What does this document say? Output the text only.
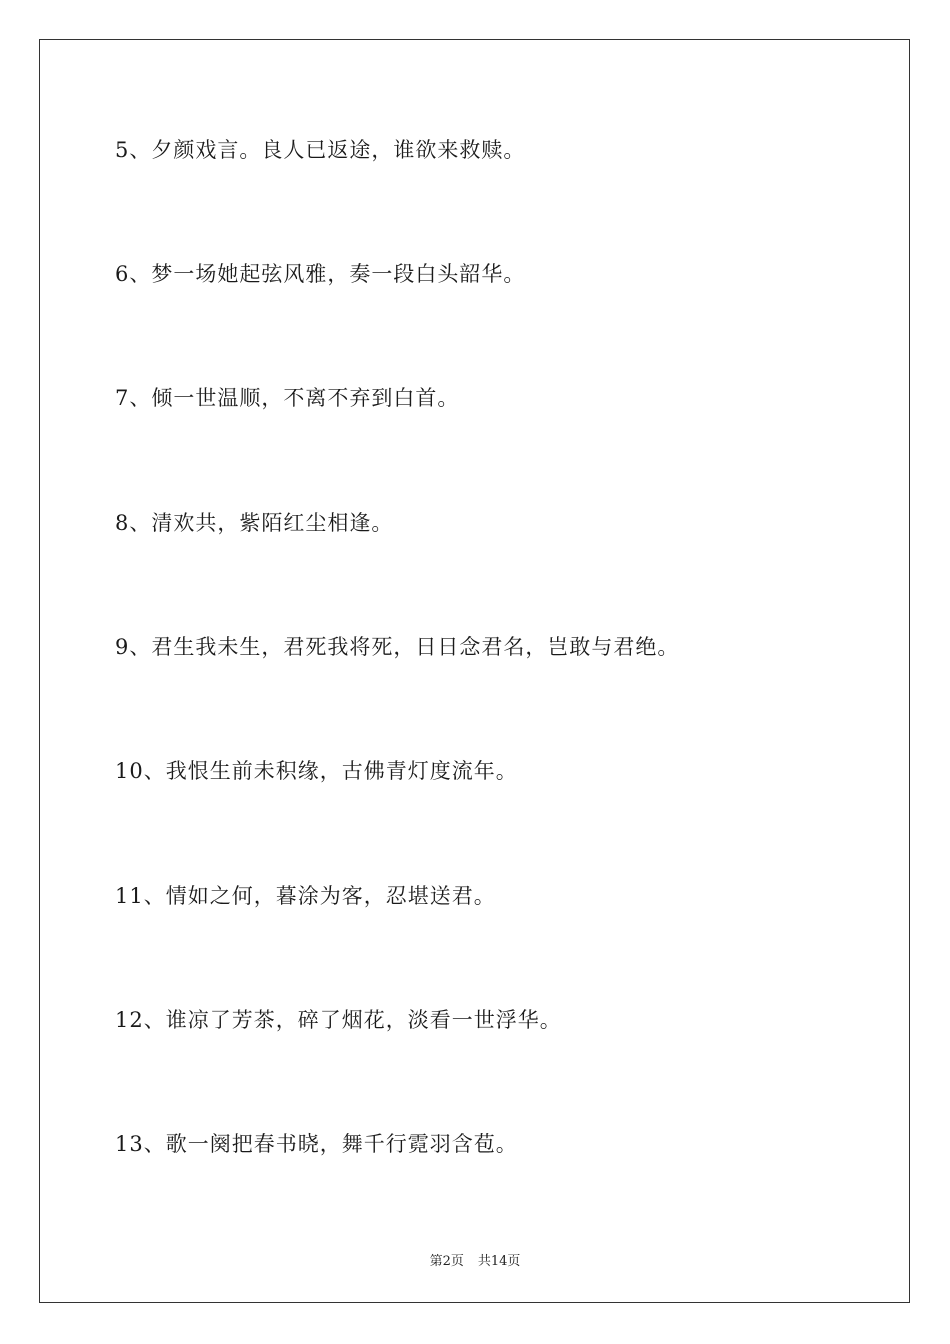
5、夕颜戏言。良人已返途，谁欲来救赎。
6、梦一场她起弦风雅，奏一段白头韶华。
7、倾一世温顺，不离不弃到白首。
8、清欢共，紫陌红尘相逢。
9、君生我未生，君死我将死，日日念君名，岂敢与君绝。
10、我恨生前未积缘，古佛青灯度流年。
11、情如之何，暮涂为客，忍堪送君。
12、谁凉了芳茶，碎了烟花，淡看一世浮华。
13、歌一阕把春书晓，舞千行霓羽含苞。
第2页 共14页
